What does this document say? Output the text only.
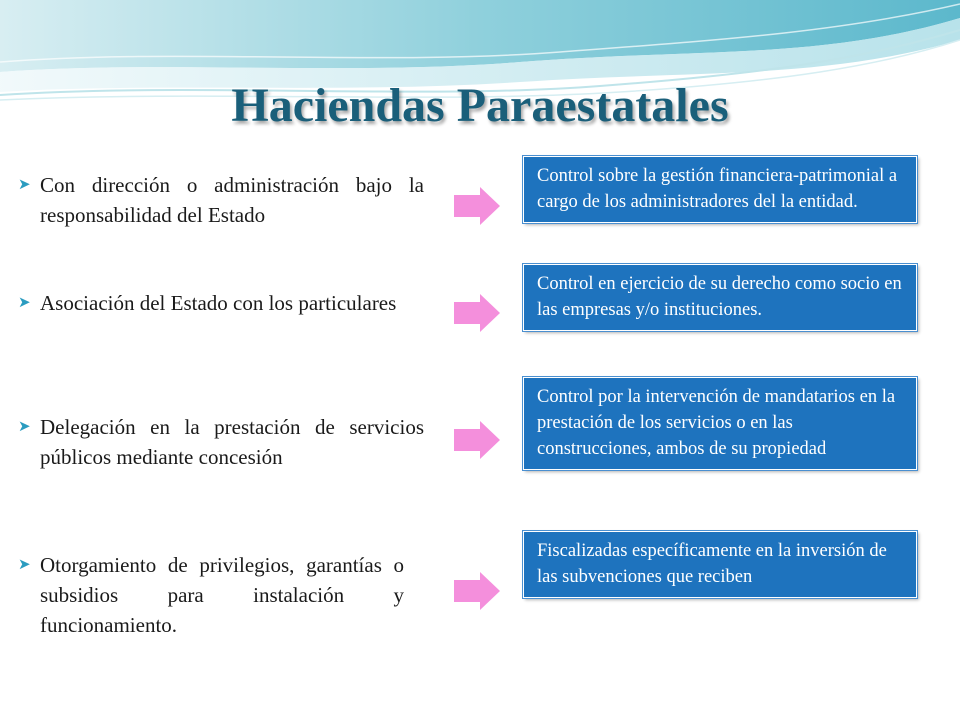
Haciendas Paraestatales
➤ Con dirección o administración bajo la responsabilidad del Estado
Control sobre la gestión financiera-patrimonial a cargo de los administradores del la entidad.
➤ Asociación del Estado con los particulares
Control en ejercicio de su derecho como socio en las empresas y/o instituciones.
➤ Delegación en la prestación de servicios públicos mediante concesión
Control por la intervención de mandatarios en la prestación de los servicios o en las construcciones, ambos de su propiedad
➤ Otorgamiento de privilegios, garantías o subsidios para instalación y funcionamiento.
Fiscalizadas específicamente en la inversión de las subvenciones que reciben
